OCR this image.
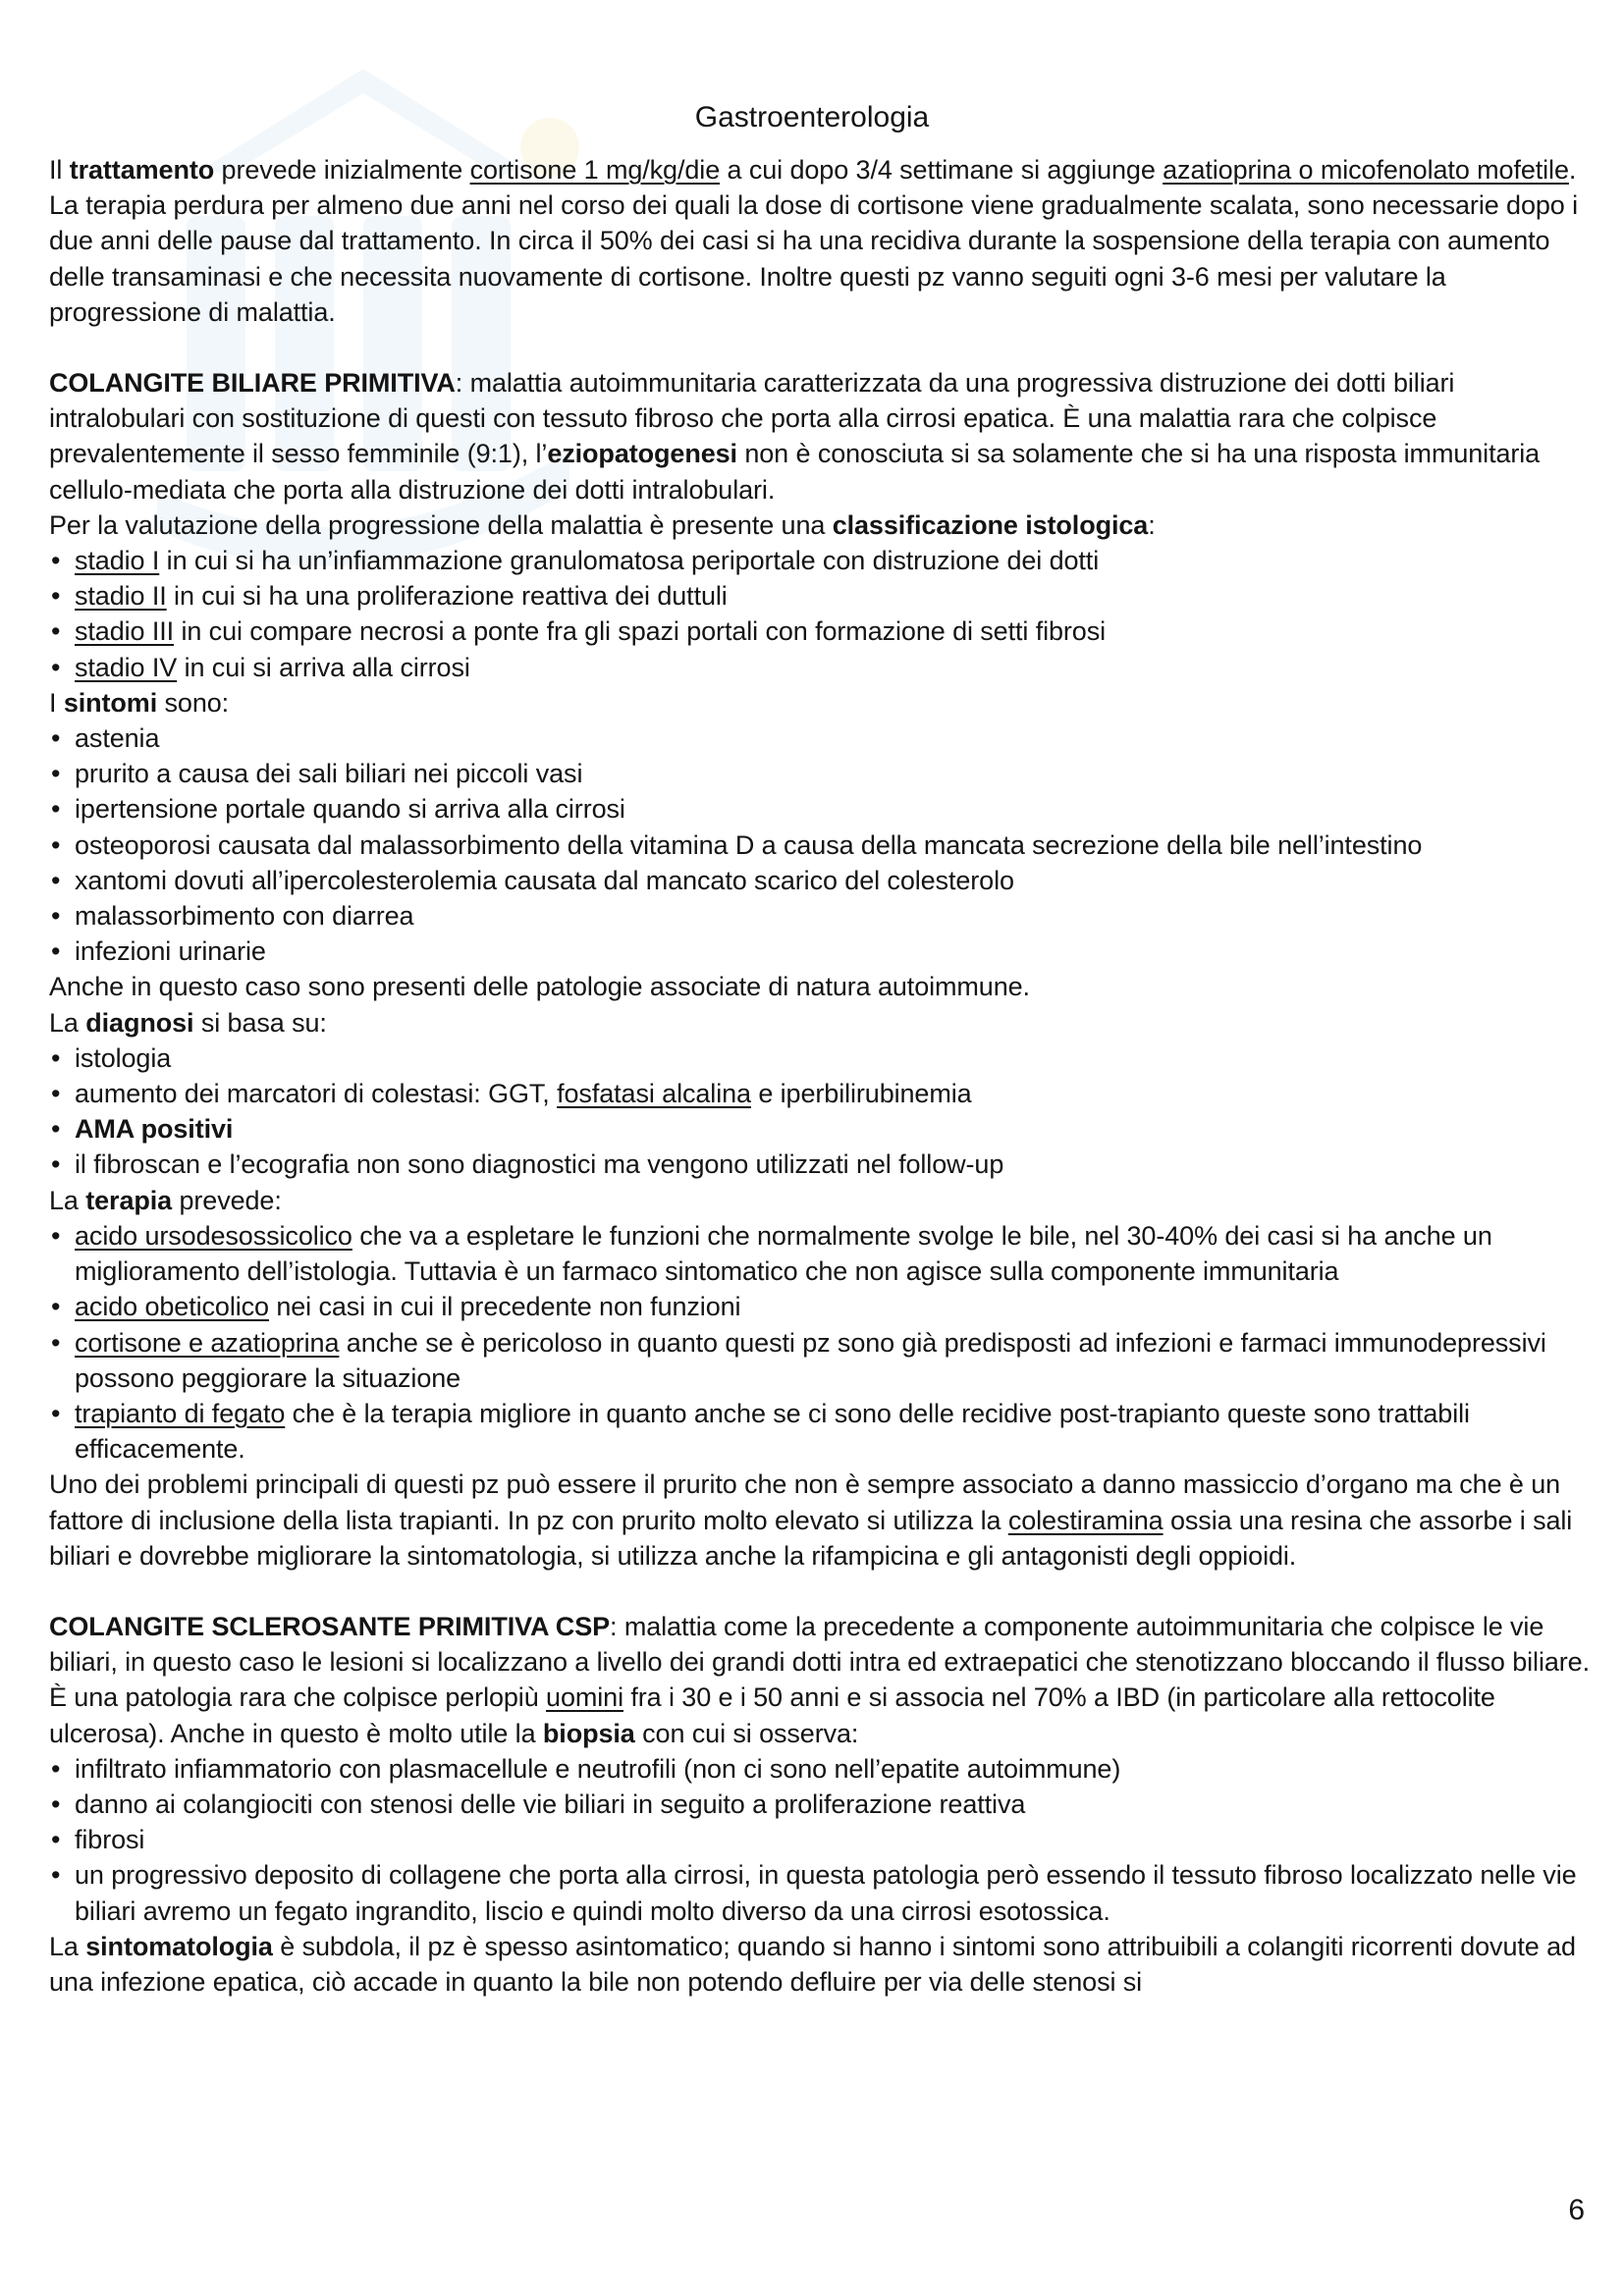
Gastroenterologia

Il trattamento prevede inizialmente cortisone 1 mg/kg/die a cui dopo 3/4 settimane si aggiunge azatioprina o micofenolato mofetile. La terapia perdura per almeno due anni nel corso dei quali la dose di cortisone viene gradualmente scalata, sono necessarie dopo i due anni delle pause dal trattamento. In circa il 50% dei casi si ha una recidiva durante la sospensione della terapia con aumento delle transaminasi e che necessita nuovamente di cortisone. Inoltre questi pz vanno seguiti ogni 3-6 mesi per valutare la progressione di malattia.

COLANGITE BILIARE PRIMITIVA: malattia autoimmunitaria caratterizzata da una progressiva distruzione dei dotti biliari intralobulari con sostituzione di questi con tessuto fibroso che porta alla cirrosi epatica. È una malattia rara che colpisce prevalentemente il sesso femminile (9:1), l’eziopatogenesi non è conosciuta si sa solamente che si ha una risposta immunitaria cellulo-mediata che porta alla distruzione dei dotti intralobulari.

Per la valutazione della progressione della malattia è presente una classificazione istologica:

• stadio I in cui si ha un’infiammazione granulomatosa periportale con distruzione dei dotti
• stadio II in cui si ha una proliferazione reattiva dei duttuli
• stadio III in cui compare necrosi a ponte fra gli spazi portali con formazione di setti fibrosi
• stadio IV in cui si arriva alla cirrosi

I sintomi sono:

• astenia
• prurito a causa dei sali biliari nei piccoli vasi
• ipertensione portale quando si arriva alla cirrosi
• osteoporosi causata dal malassorbimento della vitamina D a causa della mancata secrezione della bile nell’intestino
• xantomi dovuti all’ipercolesterolemia causata dal mancato scarico del colesterolo
• malassorbimento con diarrea
• infezioni urinarie

Anche in questo caso sono presenti delle patologie associate di natura autoimmune.

La diagnosi si basa su:

• istologia
• aumento dei marcatori di colestasi: GGT, fosfatasi alcalina e iperbilirubinemia
• AMA positivi
• il fibroscan e l’ecografia non sono diagnostici ma vengono utilizzati nel follow-up

La terapia prevede:

• acido ursodesossicolico che va a espletare le funzioni che normalmente svolge le bile, nel 30-40% dei casi si ha anche un miglioramento dell’istologia. Tuttavia è un farmaco sintomatico che non agisce sulla componente immunitaria
• acido obeticolico nei casi in cui il precedente non funzioni
• cortisone e azatioprina anche se è pericoloso in quanto questi pz sono già predisposti ad infezioni e farmaci immunodepressivi possono peggiorare la situazione
• trapianto di fegato che è la terapia migliore in quanto anche se ci sono delle recidive post-trapianto queste sono trattabili efficacemente.

Uno dei problemi principali di questi pz può essere il prurito che non è sempre associato a danno massiccio d’organo ma che è un fattore di inclusione della lista trapianti. In pz con prurito molto elevato si utilizza la colestiramina ossia una resina che assorbe i sali biliari e dovrebbe migliorare la sintomatologia, si utilizza anche la rifampicina e gli antagonisti degli oppioidi.

COLANGITE SCLEROSANTE PRIMITIVA CSP: malattia come la precedente a componente autoimmunitaria che colpisce le vie biliari, in questo caso le lesioni si localizzano a livello dei grandi dotti intra ed extraepatici che stenotizzano bloccando il flusso biliare. È una patologia rara che colpisce perlopiù uomini fra i 30 e i 50 anni e si associa nel 70% a IBD (in particolare alla rettocolite ulcerosa). Anche in questo è molto utile la biopsia con cui si osserva:

• infiltrato infiammatorio con plasmacellule e neutrofili (non ci sono nell’epatite autoimmune)
• danno ai colangiociti con stenosi delle vie biliari in seguito a proliferazione reattiva
• fibrosi
• un progressivo deposito di collagene che porta alla cirrosi, in questa patologia però essendo il tessuto fibroso localizzato nelle vie biliari avremo un fegato ingrandito, liscio e quindi molto diverso da una cirrosi esotossica.

La sintomatologia è subdola, il pz è spesso asintomatico; quando si hanno i sintomi sono attribuibili a colangiti ricorrenti dovute ad una infezione epatica, ciò accade in quanto la bile non potendo defluire per via delle stenosi si

6
